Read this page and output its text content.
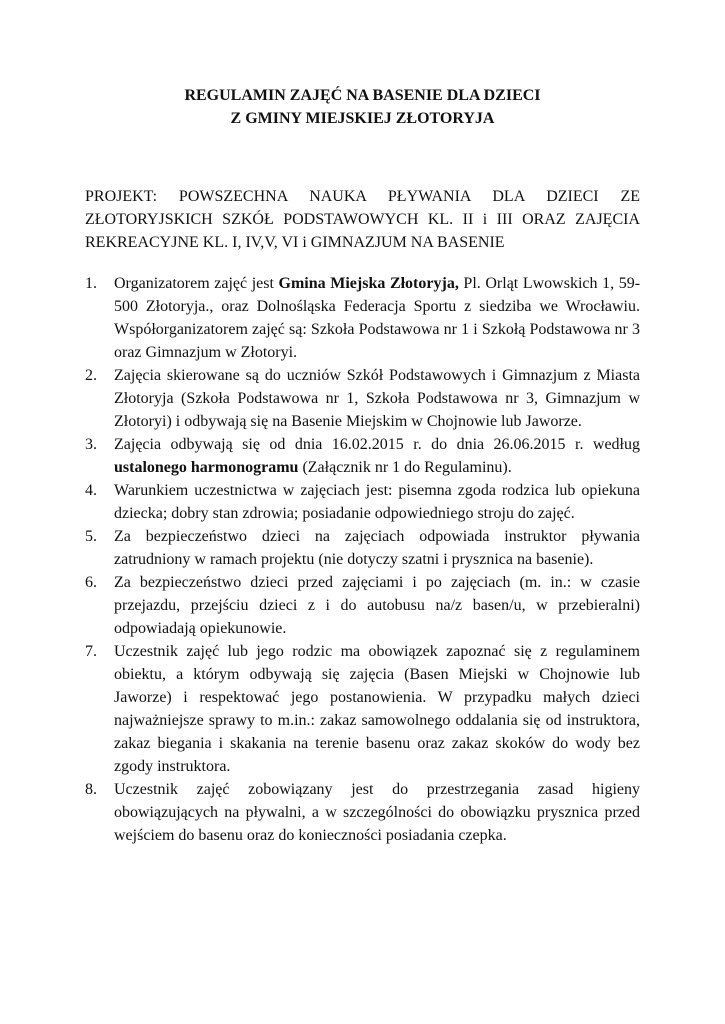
REGULAMIN ZAJĘĆ NA BASENIE DLA DZIECI
Z GMINY MIEJSKIEJ ZŁOTORYJA

PROJEKT: POWSZECHNA NAUKA PŁYWANIA DLA DZIECI ZE ZŁOTORYJSKICH SZKÓŁ PODSTAWOWYCH KL. II i III ORAZ ZAJĘCIA REKREACYJNE KL. I, IV,V, VI i GIMNAZJUM NA BASENIE

1. Organizatorem zajęć jest Gmina Miejska Złotoryja, Pl. Orląt Lwowskich 1, 59-500 Złotoryja., oraz Dolnośląska Federacja Sportu z siedziba we Wrocławiu. Współorganizatorem zajęć są: Szkoła Podstawowa nr 1 i Szkołą Podstawowa nr 3 oraz Gimnazjum w Złotoryi.
2. Zajęcia skierowane są do uczniów Szkół Podstawowych i Gimnazjum z Miasta Złotoryja (Szkoła Podstawowa nr 1, Szkoła Podstawowa nr 3, Gimnazjum w Złotoryi) i odbywają się na Basenie Miejskim w Chojnowie lub Jaworze.
3. Zajęcia odbywają się od dnia 16.02.2015 r. do dnia 26.06.2015 r. według ustalonego harmonogramu (Załącznik nr 1 do Regulaminu).
4. Warunkiem uczestnictwa w zajęciach jest: pisemna zgoda rodzica lub opiekuna dziecka; dobry stan zdrowia; posiadanie odpowiedniego stroju do zajęć.
5. Za bezpieczeństwo dzieci na zajęciach odpowiada instruktor pływania zatrudniony w ramach projektu (nie dotyczy szatni i prysznica na basenie).
6. Za bezpieczeństwo dzieci przed zajęciami i po zajęciach (m. in.: w czasie przejazdu, przejściu dzieci z i do autobusu na/z basen/u, w przebieralni) odpowiadają opiekunowie.
7. Uczestnik zajęć lub jego rodzic ma obowiązek zapoznać się z regulaminem obiektu, a którym odbywają się zajęcia (Basen Miejski w Chojnowie lub Jaworze) i respektować jego postanowienia. W przypadku małych dzieci najważniejsze sprawy to m.in.: zakaz samowolnego oddalania się od instruktora, zakaz biegania i skakania na terenie basenu oraz zakaz skoków do wody bez zgody instruktora.
8. Uczestnik zajęć zobowiązany jest do przestrzegania zasad higieny obowiązujących na pływalni, a w szczególności do obowiązku prysznica przed wejściem do basenu oraz do konieczności posiadania czepka.
